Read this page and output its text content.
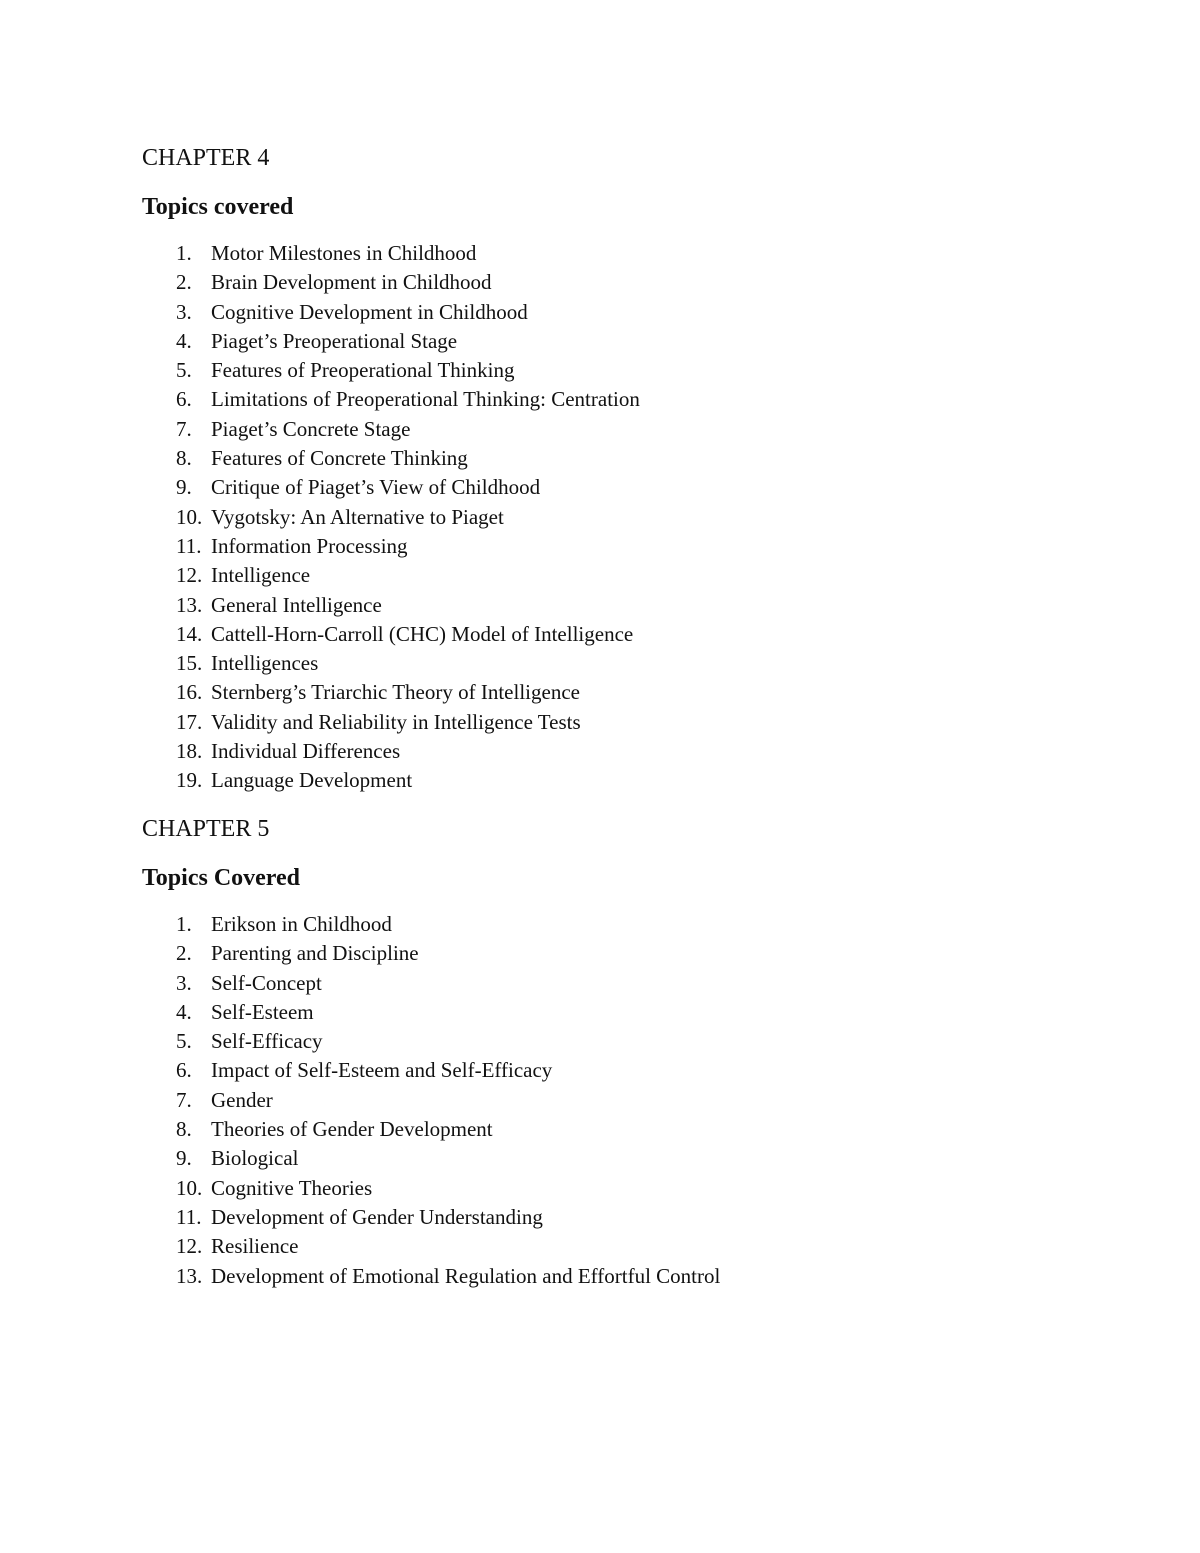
CHAPTER 4
Topics covered
1. Motor Milestones in Childhood
2. Brain Development in Childhood
3. Cognitive Development in Childhood
4. Piaget’s Preoperational Stage
5. Features of Preoperational Thinking
6. Limitations of Preoperational Thinking: Centration
7. Piaget’s Concrete Stage
8. Features of Concrete Thinking
9. Critique of Piaget’s View of Childhood
10. Vygotsky: An Alternative to Piaget
11. Information Processing
12. Intelligence
13. General Intelligence
14. Cattell-Horn-Carroll (CHC) Model of Intelligence
15. Intelligences
16. Sternberg’s Triarchic Theory of Intelligence
17. Validity and Reliability in Intelligence Tests
18. Individual Differences
19. Language Development
CHAPTER 5
Topics Covered
1. Erikson in Childhood
2. Parenting and Discipline
3. Self-Concept
4. Self-Esteem
5. Self-Efficacy
6. Impact of Self-Esteem and Self-Efficacy
7. Gender
8. Theories of Gender Development
9. Biological
10. Cognitive Theories
11. Development of Gender Understanding
12. Resilience
13. Development of Emotional Regulation and Effortful Control
